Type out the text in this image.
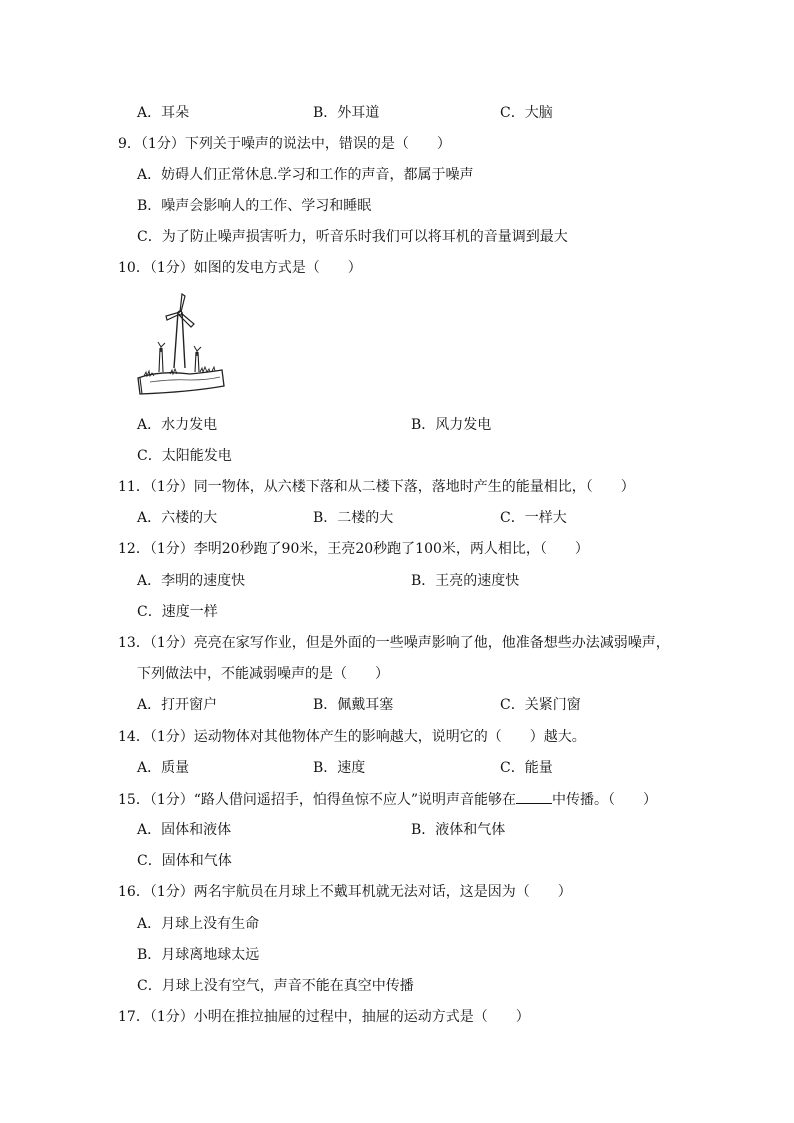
A．耳朵	B．外耳道	C．大脑
9．（1分）下列关于噪声的说法中，错误的是（　　）
A．妨碍人们正常休息.学习和工作的声音，都属于噪声
B．噪声会影响人的工作、学习和睡眠
C．为了防止噪声损害听力，听音乐时我们可以将耳机的音量调到最大
10．（1分）如图的发电方式是（　　）
A．水力发电	B．风力发电
C．太阳能发电
11．（1分）同一物体，从六楼下落和从二楼下落，落地时产生的能量相比，（　　）
A．六楼的大	B．二楼的大	C．一样大
12．（1分）李明20秒跑了90米，王亮20秒跑了100米，两人相比，（　　）
A．李明的速度快	B．王亮的速度快
C．速度一样
13．（1分）亮亮在家写作业，但是外面的一些噪声影响了他，他准备想些办法减弱噪声，
下列做法中，不能减弱噪声的是（　　）
A．打开窗户	B．佩戴耳塞	C．关紧门窗
14．（1分）运动物体对其他物体产生的影响越大，说明它的（　　）越大。
A．质量	B．速度	C．能量
15．（1分）“路人借问遥招手，怕得鱼惊不应人”说明声音能够在	中传播。（　　）
A．固体和液体	B．液体和气体
C．固体和气体
16．（1分）两名宇航员在月球上不戴耳机就无法对话，这是因为（　　）
A．月球上没有生命
B．月球离地球太远
C．月球上没有空气，声音不能在真空中传播
17．（1分）小明在推拉抽屉的过程中，抽屉的运动方式是（　　）
